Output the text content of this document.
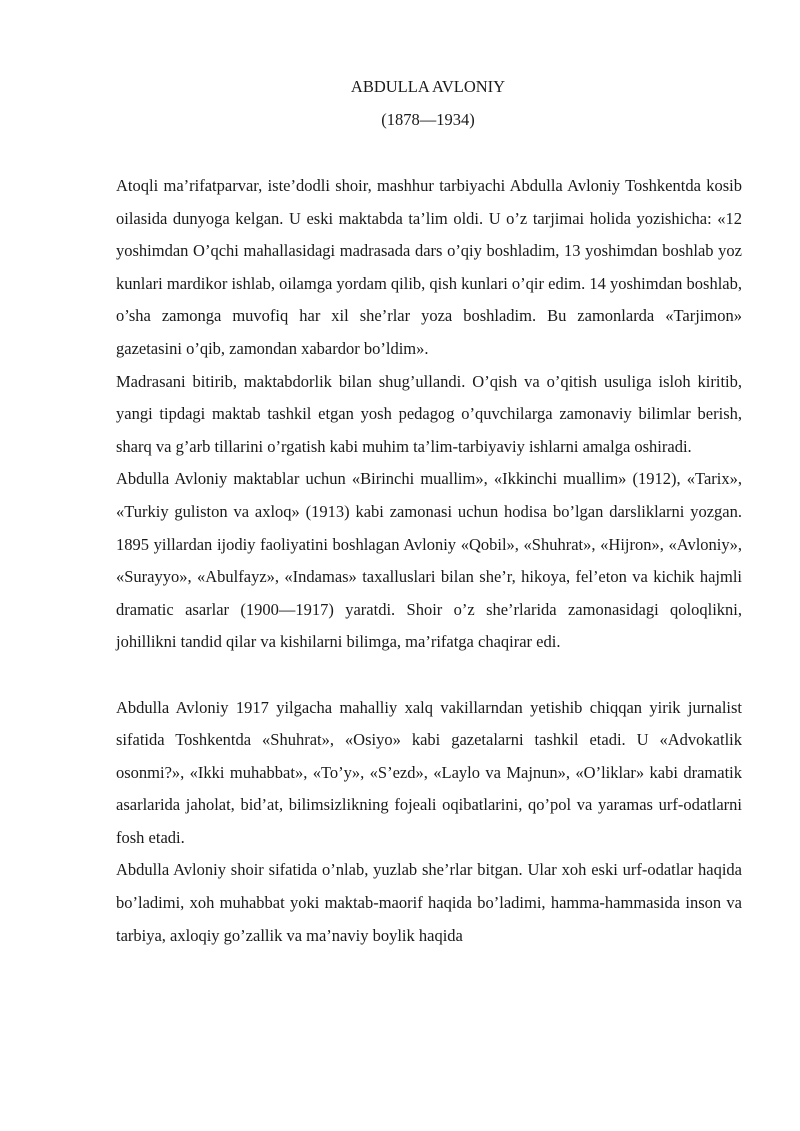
ABDULLA AVLONIY
(1878—1934)

Atoqli ma’rifatparvar, iste’dodli shoir, mashhur tarbiyachi Abdulla Avloniy Toshkentda kosib oilasida dunyoga kelgan. U eski maktabda ta’lim oldi. U o’z tarjimai holida yozishicha: «12 yoshimdan O’qchi mahallasidagi madrasada dars o’qiy boshladim, 13 yoshimdan boshlab yoz kunlari mardikor ishlab, oilamga yordam qilib, qish kunlari o’qir edim. 14 yoshimdan boshlab, o’sha zamonga muvofiq har xil she’rlar yoza boshladim. Bu zamonlarda «Tarjimon» gazetasini o’qib, zamondan xabardor bo’ldim».

Madrasani bitirib, maktabdorlik bilan shug’ullandi. O’qish va o’qitish usuliga isloh kiritib, yangi tipdagi maktab tashkil etgan yosh pedagog o’quvchilarga zamonaviy bilimlar berish, sharq va g’arb tillarini o’rgatish kabi muhim ta’lim-tarbiyaviy ishlarni amalga oshiradi.

Abdulla Avloniy maktablar uchun «Birinchi muallim», «Ikkinchi muallim» (1912), «Tarix», «Turkiy guliston va axloq» (1913) kabi zamonasi uchun hodisa bo’lgan darsliklarni yozgan. 1895 yillardan ijodiy faoliyatini boshlagan Avloniy «Qobil», «Shuhrat», «Hijron», «Avloniy», «Surayyo», «Abulfayz», «Indamas» taxalluslari bilan she’r, hikoya, fel’eton va kichik hajmli dramatic asarlar (1900—1917) yaratdi. Shoir o’z she’rlarida zamonasidagi qoloqlikni, johillikni tandid qilar va kishilarni bilimga, ma’rifatga chaqirar edi.

Abdulla Avloniy 1917 yilgacha mahalliy xalq vakillarndan yetishib chiqqan yirik jurnalist sifatida Toshkentda «Shuhrat», «Osiyo» kabi gazetalarni tashkil etadi. U «Advokatlik osonmi?», «Ikki muhabbat», «To’y», «S’ezd», «Laylo va Majnun», «O’liklar» kabi dramatik asarlarida jaholat, bid’at, bilimsizlikning fojeali oqibatlarini, qo’pol va yaramas urf-odatlarni fosh etadi.

Abdulla Avloniy shoir sifatida o’nlab, yuzlab she’rlar bitgan. Ular xoh eski urf-odatlar haqida bo’ladimi, xoh muhabbat yoki maktab-maorif haqida bo’ladimi, hamma-hammasida inson va tarbiya, axloqiy go’zallik va ma’naviy boylik haqida
